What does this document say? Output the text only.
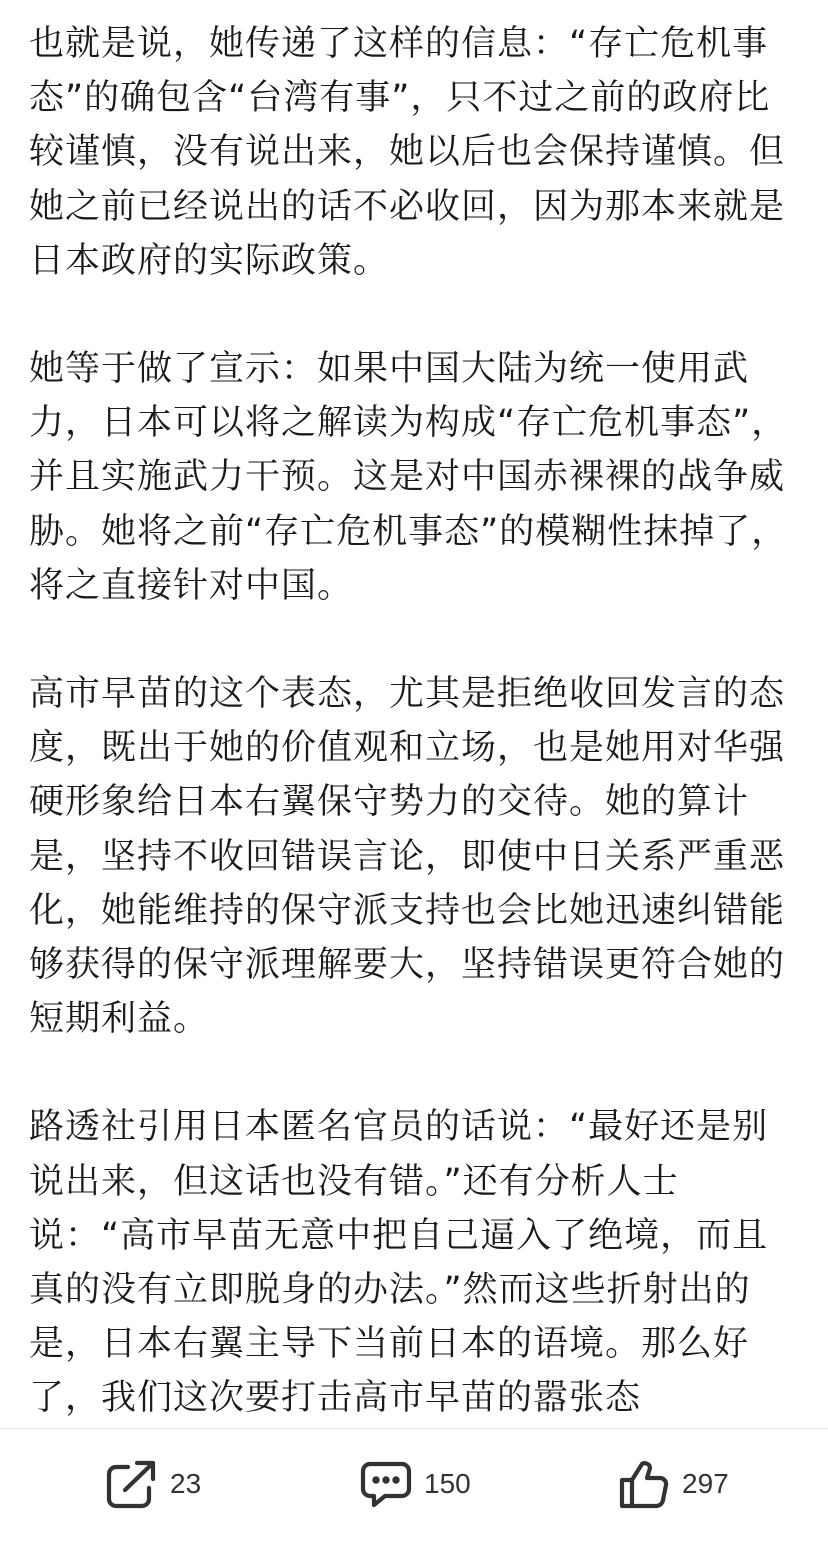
也就是说，她传递了这样的信息：“存亡危机事态”的确包含“台湾有事”，只不过之前的政府比较谨慎，没有说出来，她以后也会保持谨慎。但她之前已经说出的话不必收回，因为那本来就是日本政府的实际政策。

她等于做了宣示：如果中国大陆为统一使用武力，日本可以将之解读为构成“存亡危机事态”，并且实施武力干预。这是对中国赤裸裸的战争威胁。她将之前“存亡危机事态”的模糊性抹掉了，将之直接针对中国。

高市早苗的这个表态，尤其是拒绝收回发言的态度，既出于她的价值观和立场，也是她用对华强硬形象给日本右翼保守势力的交待。她的算计是，坚持不收回错误言论，即使中日关系严重恶化，她能维持的保守派支持也会比她迅速纠错能够获得的保守派理解要大，坚持错误更符合她的短期利益。

路透社引用日本匿名官员的话说：“最好还是别说出来，但这话也没有错。”还有分析人士说：“高市早苗无意中把自己逼入了绝境，而且真的没有立即脱身的办法。”然而这些折射出的是，日本右翼主导下当前日本的语境。那么好了，我们这次要打击高市早苗的嚣张态

23	150	297
